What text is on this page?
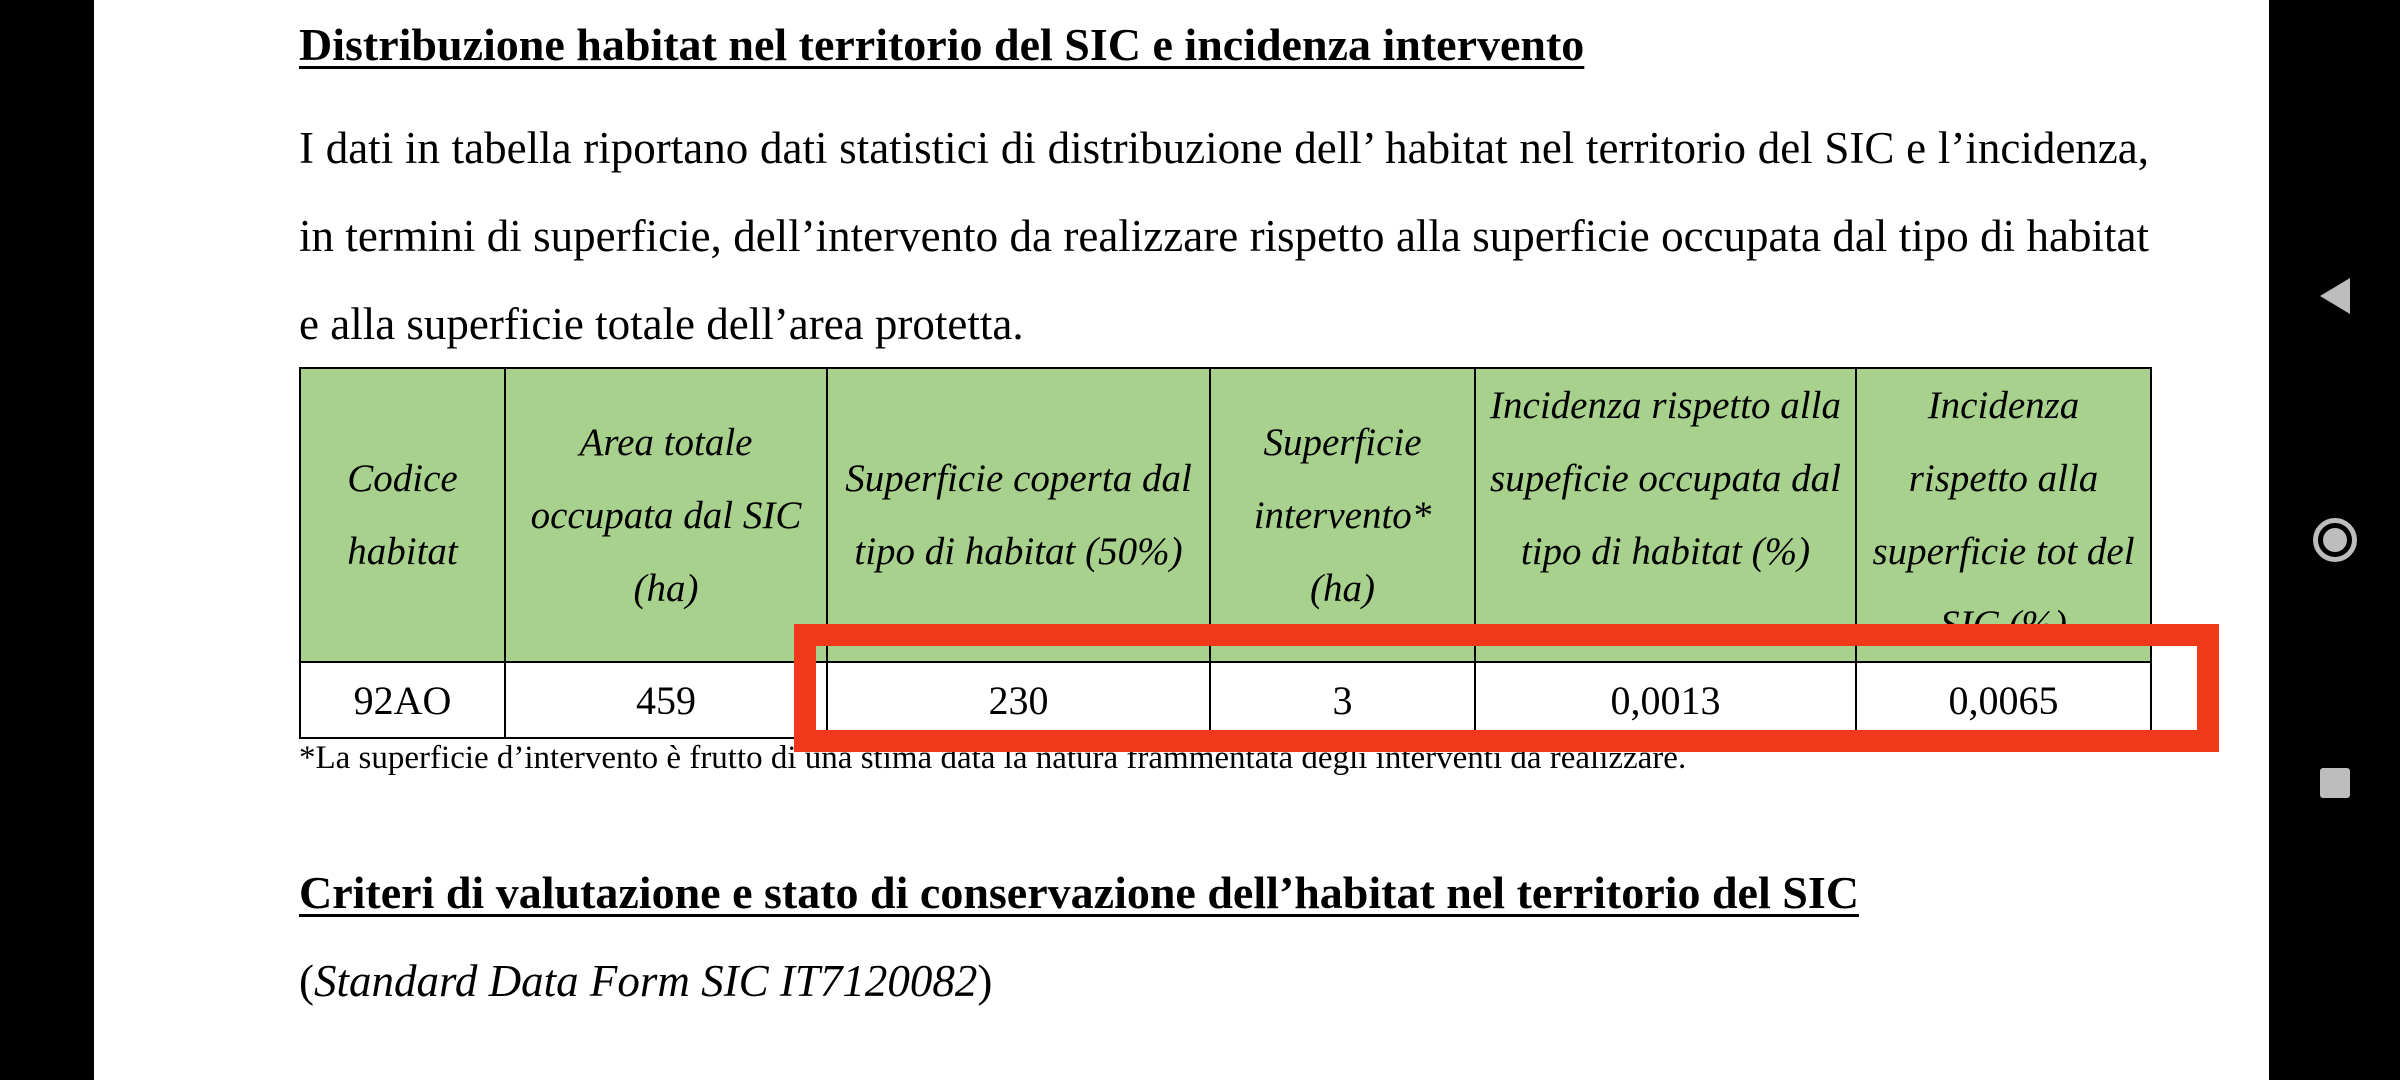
Distribuzione habitat nel territorio del SIC e incidenza intervento
I dati in tabella riportano dati statistici di distribuzione dell’ habitat nel territorio del SIC e l’incidenza, in termini di superficie, dell’intervento da realizzare rispetto alla superficie occupata dal tipo di habitat e alla superficie totale dell’area protetta.
Codice habitat	Area totale occupata dal SIC (ha)	Superficie coperta dal tipo di habitat (50%)	Superficie intervento* (ha)	Incidenza rispetto alla supeficie occupata dal tipo di habitat (%)	Incidenza rispetto alla superficie tot del SIC (%)
92AO	459	230	3	0,0013	0,0065
*La superficie d’intervento è frutto di una stima data la natura frammentata degli interventi da realizzare.
Criteri di valutazione e stato di conservazione dell’habitat nel territorio del SIC
(Standard Data Form SIC IT7120082)
